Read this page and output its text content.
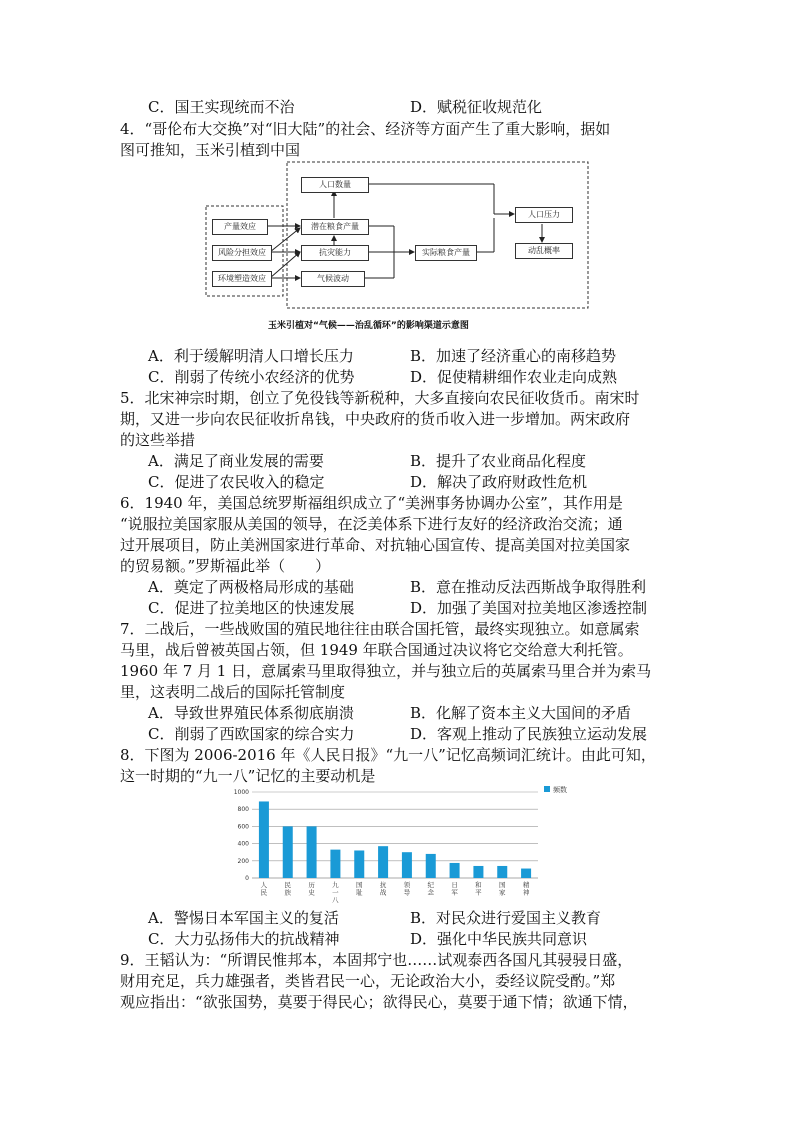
C．国王实现统而不治	D．赋税征收规范化
4．“哥伦布大交换”对“旧大陆”的社会、经济等方面产生了重大影响，据如
图可推知，玉米引植到中国
产量效应
风险分担效应
环境塑造效应
人口数量
潜在粮食产量
抗灾能力
气候波动
实际粮食产量
人口压力
动乱概率
玉米引植对“气候——治乱循环”的影响渠道示意图
A．利于缓解明清人口增长压力	B．加速了经济重心的南移趋势
C．削弱了传统小农经济的优势	D．促使精耕细作农业走向成熟
5．北宋神宗时期，创立了免役钱等新税种，大多直接向农民征收货币。南宋时
期，又进一步向农民征收折帛钱，中央政府的货币收入进一步增加。两宋政府
的这些举措
A．满足了商业发展的需要	B．提升了农业商品化程度
C．促进了农民收入的稳定	D．解决了政府财政性危机
6．1940 年，美国总统罗斯福组织成立了“美洲事务协调办公室”，其作用是
“说服拉美国家服从美国的领导，在泛美体系下进行友好的经济政治交流；通
过开展项目，防止美洲国家进行革命、对抗轴心国宣传、提高美国对拉美国家
的贸易额。”罗斯福此举（　　）
A．奠定了两极格局形成的基础	B．意在推动反法西斯战争取得胜利
C．促进了拉美地区的快速发展	D．加强了美国对拉美地区渗透控制
7．二战后，一些战败国的殖民地往往由联合国托管，最终实现独立。如意属索
马里，战后曾被英国占领，但 1949 年联合国通过决议将它交给意大利托管。
1960 年 7 月 1 日，意属索马里取得独立，并与独立后的英属索马里合并为索马
里，这表明二战后的国际托管制度
A．导致世界殖民体系彻底崩溃	B．化解了资本主义大国间的矛盾
C．削弱了西欧国家的综合实力	D．客观上推动了民族独立运动发展
8．下图为 2006-2016 年《人民日报》“九一八”记忆高频词汇统计。由此可知，
这一时期的“九一八”记忆的主要动机是
0
200
400
600
800
1000
人民
民族
历史
九一八
国耻
抗战
领导
纪念
日军
和平
国家
精神
频数
A．警惕日本军国主义的复活	B．对民众进行爱国主义教育
C．大力弘扬伟大的抗战精神	D．强化中华民族共同意识
9．王韬认为：“所谓民惟邦本，本固邦宁也……试观泰西各国凡其骎骎日盛，
财用充足，兵力雄强者，类皆君民一心，无论政治大小，委经议院受酌。”郑
观应指出：“欲张国势，莫要于得民心；欲得民心，莫要于通下情；欲通下情，
